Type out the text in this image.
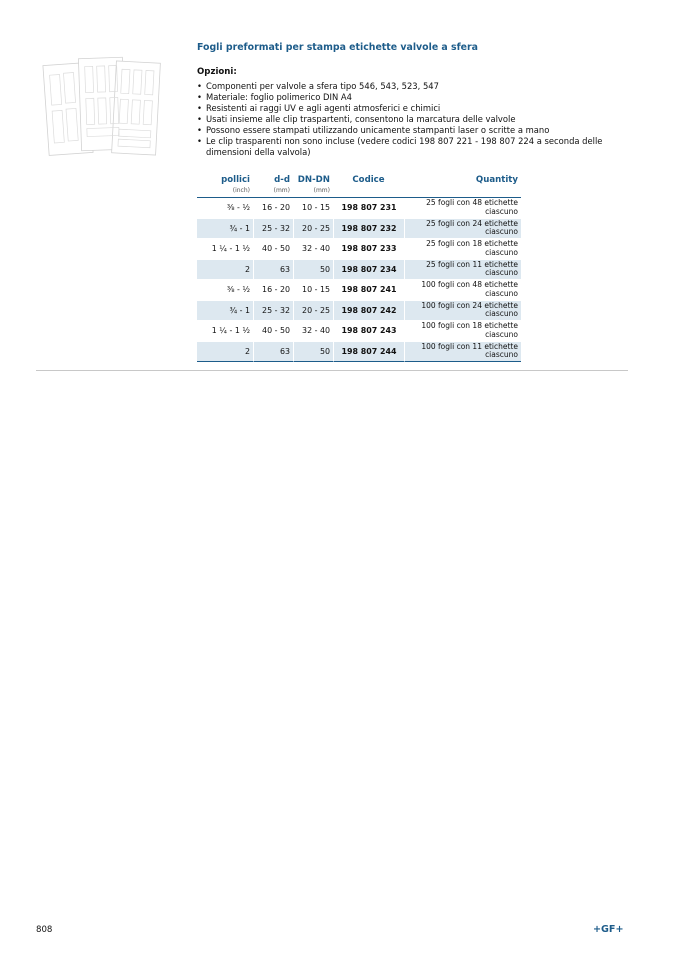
Fogli preformati per stampa etichette valvole a sfera
Opzioni:
• Componenti per valvole a sfera tipo 546, 543, 523, 547
• Materiale: foglio polimerico DIN A4
• Resistenti ai raggi UV e agli agenti atmosferici e chimici
• Usati insieme alle clip traspartenti, consentono la marcatura delle valvole
• Possono essere stampati utilizzando unicamente stampanti laser o scritte a mano
• Le clip trasparenti non sono incluse (vedere codici 198 807 221 - 198 807 224 a seconda delle dimensioni della valvola)
pollici	d-d	DN-DN	Codice	Quantity
(inch)	(mm)	(mm)		
⅜ - ½	16 - 20	10 - 15	198 807 231	25 fogli con 48 etichette ciascuno
¾ - 1	25 - 32	20 - 25	198 807 232	25 fogli con 24 etichette ciascuno
1 ¼ - 1 ½	40 - 50	32 - 40	198 807 233	25 fogli con 18 etichette ciascuno
2	63	50	198 807 234	25 fogli con 11 etichette ciascuno
⅜ - ½	16 - 20	10 - 15	198 807 241	100 fogli con 48 etichette ciascuno
¾ - 1	25 - 32	20 - 25	198 807 242	100 fogli con 24 etichette ciascuno
1 ¼ - 1 ½	40 - 50	32 - 40	198 807 243	100 fogli con 18 etichette ciascuno
2	63	50	198 807 244	100 fogli con 11 etichette ciascuno
808	+GF+
